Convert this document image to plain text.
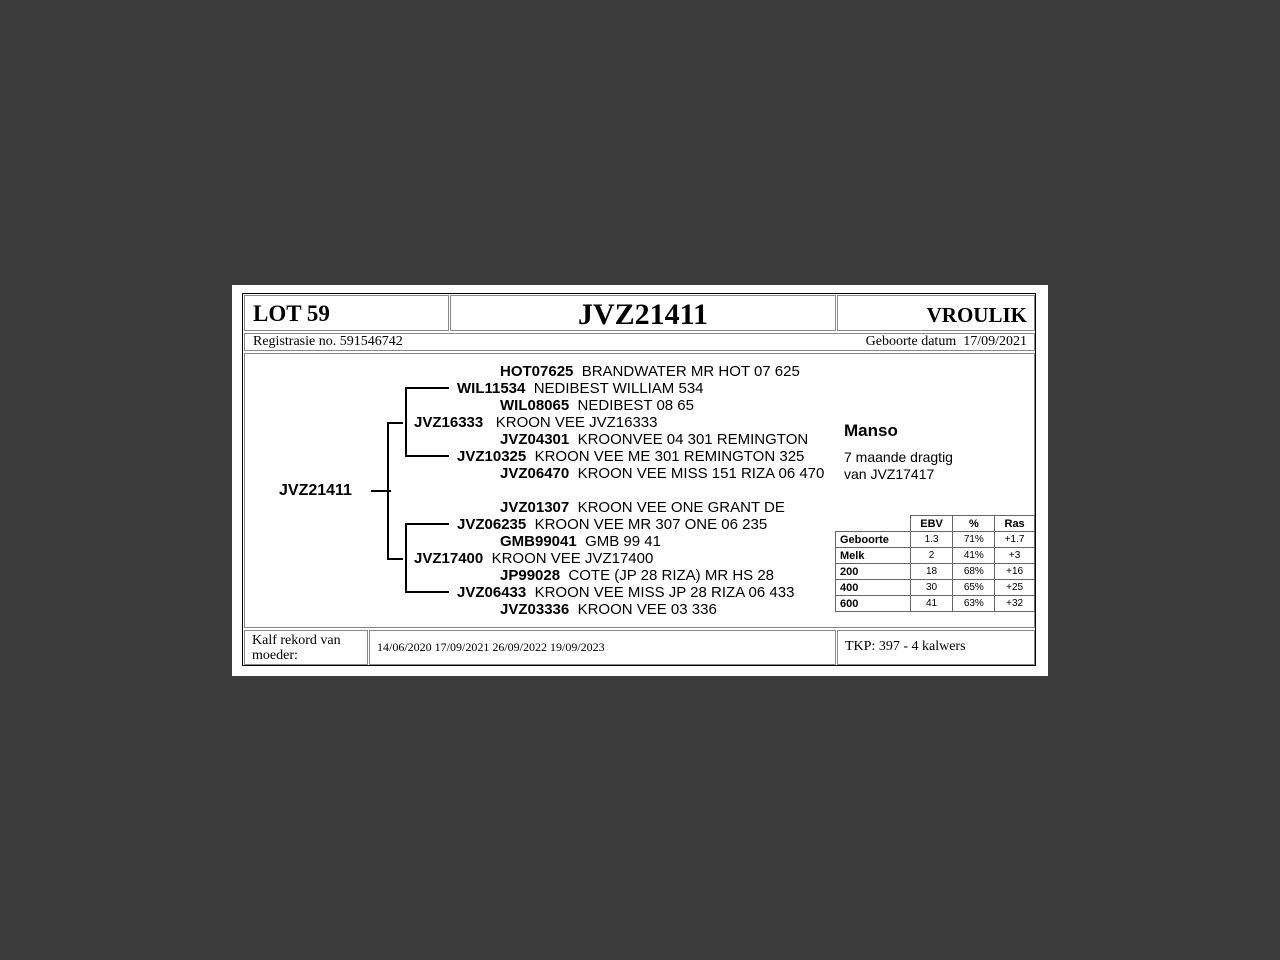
LOT 59	JVZ21411	VROULIK
Registrasie no. 591546742	Geboorte datum 17/09/2021
JVZ21411
HOT07625 BRANDWATER MR HOT 07 625
WIL11534 NEDIBEST WILLIAM 534
WIL08065 NEDIBEST 08 65
JVZ16333 KROON VEE JVZ16333
JVZ04301 KROONVEE 04 301 REMINGTON
JVZ10325 KROON VEE ME 301 REMINGTON 325
JVZ06470 KROON VEE MISS 151 RIZA 06 470
JVZ01307 KROON VEE ONE GRANT DE
JVZ06235 KROON VEE MR 307 ONE 06 235
GMB99041 GMB 99 41
JVZ17400 KROON VEE JVZ17400
JP99028 COTE (JP 28 RIZA) MR HS 28
JVZ06433 KROON VEE MISS JP 28 RIZA 06 433
JVZ03336 KROON VEE 03 336
Manso
7 maande dragtig
van JVZ17417
	EBV	%	Ras
Geboorte	1.3	71%	+1.7
Melk	2	41%	+3
200	18	68%	+16
400	30	65%	+25
600	41	63%	+32
Kalf rekord van moeder:
14/06/2020 17/09/2021 26/09/2022 19/09/2023	TKP: 397 - 4 kalwers
